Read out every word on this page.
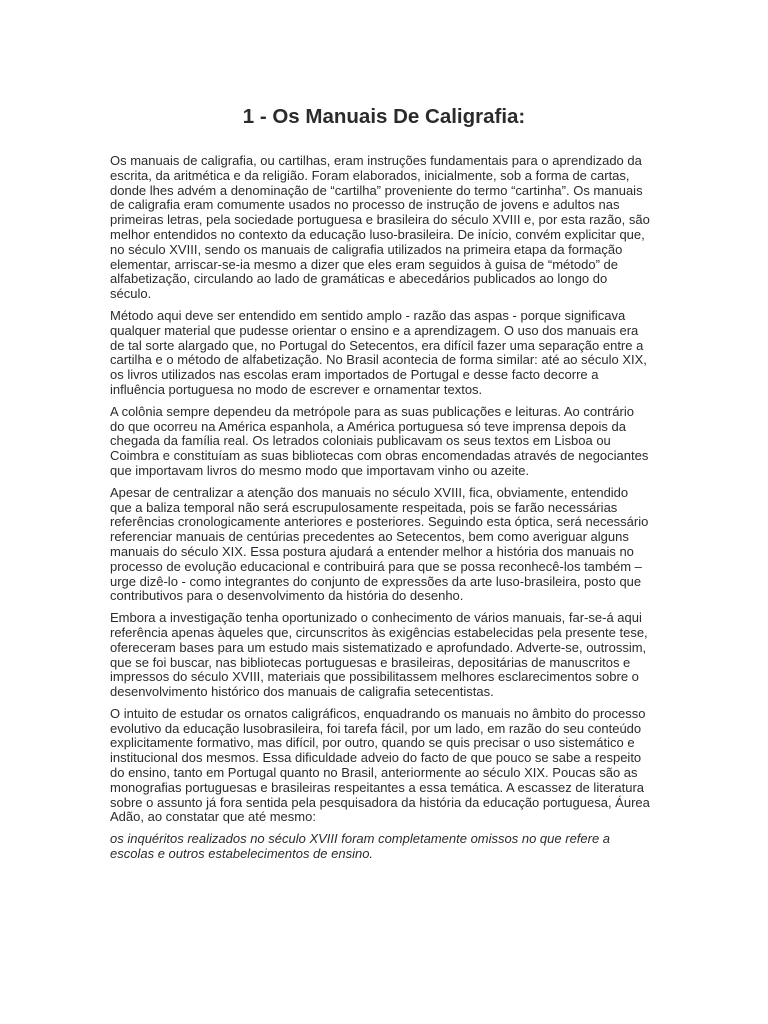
1 - Os Manuais De Caligrafia:

Os manuais de caligrafia, ou cartilhas, eram instruções fundamentais para o aprendizado da escrita, da aritmética e da religião. Foram elaborados, inicialmente, sob a forma de cartas, donde lhes advém a denominação de “cartilha” proveniente do termo “cartinha”. Os manuais de caligrafia eram comumente usados no processo de instrução de jovens e adultos nas primeiras letras, pela sociedade portuguesa e brasileira do século XVIII e, por esta razão, são melhor entendidos no contexto da educação luso-brasileira. De início, convém explicitar que, no século XVIII, sendo os manuais de caligrafia utilizados na primeira etapa da formação elementar, arriscar-se-ia mesmo a dizer que eles eram seguidos à guisa de “método” de alfabetização, circulando ao lado de gramáticas e abecedários publicados ao longo do século.

Método aqui deve ser entendido em sentido amplo - razão das aspas - porque significava qualquer material que pudesse orientar o ensino e a aprendizagem. O uso dos manuais era de tal sorte alargado que, no Portugal do Setecentos, era difícil fazer uma separação entre a cartilha e o método de alfabetização. No Brasil acontecia de forma similar: até ao século XIX, os livros utilizados nas escolas eram importados de Portugal e desse facto decorre a influência portuguesa no modo de escrever e ornamentar textos.

A colônia sempre dependeu da metrópole para as suas publicações e leituras. Ao contrário do que ocorreu na América espanhola, a América portuguesa só teve imprensa depois da chegada da família real. Os letrados coloniais publicavam os seus textos em Lisboa ou Coimbra e constituíam as suas bibliotecas com obras encomendadas através de negociantes que importavam livros do mesmo modo que importavam vinho ou azeite.

Apesar de centralizar a atenção dos manuais no século XVIII, fica, obviamente, entendido que a baliza temporal não será escrupulosamente respeitada, pois se farão necessárias referências cronologicamente anteriores e posteriores. Seguindo esta óptica, será necessário referenciar manuais de centúrias precedentes ao Setecentos, bem como averiguar alguns manuais do século XIX. Essa postura ajudará a entender melhor a história dos manuais no processo de evolução educacional e contribuirá para que se possa reconhecê-los também – urge dizê-lo - como integrantes do conjunto de expressões da arte luso-brasileira, posto que contributivos para o desenvolvimento da história do desenho.

Embora a investigação tenha oportunizado o conhecimento de vários manuais, far-se-á aqui referência apenas àqueles que, circunscritos às exigências estabelecidas pela presente tese, ofereceram bases para um estudo mais sistematizado e aprofundado. Adverte-se, outrossim, que se foi buscar, nas bibliotecas portuguesas e brasileiras, depositárias de manuscritos e impressos do século XVIII, materiais que possibilitassem melhores esclarecimentos sobre o desenvolvimento histórico dos manuais de caligrafia setecentistas.

O intuito de estudar os ornatos caligráficos, enquadrando os manuais no âmbito do processo evolutivo da educação lusobrasileira, foi tarefa fácil, por um lado, em razão do seu conteúdo explicitamente formativo, mas difícil, por outro, quando se quis precisar o uso sistemático e institucional dos mesmos. Essa dificuldade adveio do facto de que pouco se sabe a respeito do ensino, tanto em Portugal quanto no Brasil, anteriormente ao século XIX. Poucas são as monografias portuguesas e brasileiras respeitantes a essa temática. A escassez de literatura sobre o assunto já fora sentida pela pesquisadora da história da educação portuguesa, Áurea Adão, ao constatar que até mesmo:

os inquéritos realizados no século XVIII foram completamente omissos no que refere a escolas e outros estabelecimentos de ensino.
